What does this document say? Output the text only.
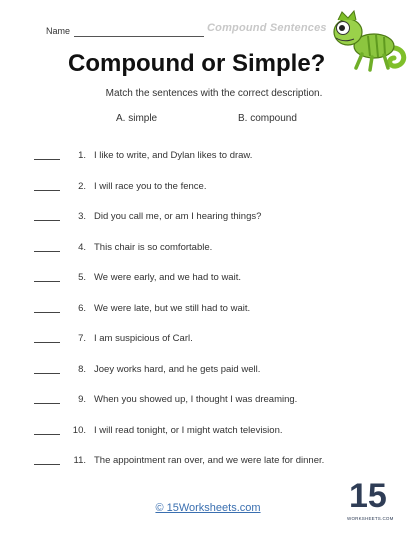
Name	Compound Sentences
Compound or Simple?
Match the sentences with the correct description.
A. simple	B. compound
1. I like to write, and Dylan likes to draw.
2. I will race you to the fence.
3. Did you call me, or am I hearing things?
4. This chair is so comfortable.
5. We were early, and we had to wait.
6. We were late, but we still had to wait.
7. I am suspicious of Carl.
8. Joey works hard, and he gets paid well.
9. When you showed up, I thought I was dreaming.
10. I will read tonight, or I might watch television.
11. The appointment ran over, and we were late for dinner.
© 15Worksheets.com	15
WORKSHEETS.COM
